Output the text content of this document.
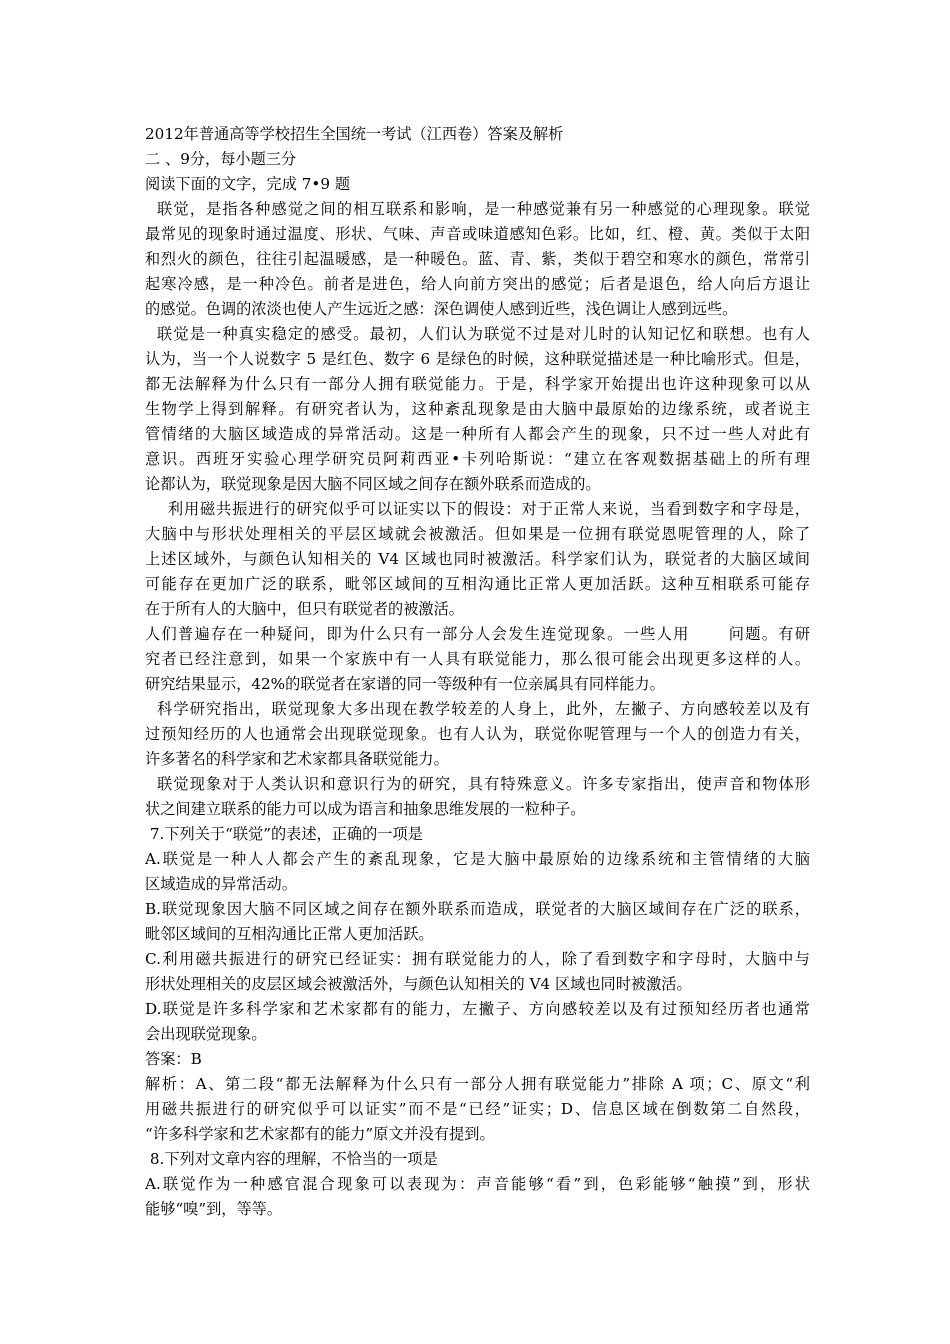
2012年普通高等学校招生全国统一考试（江西卷）答案及解析
二 、9分，每小题三分
阅读下面的文字，完成 7•9 题
联觉，是指各种感觉之间的相互联系和影响，是一种感觉兼有另一种感觉的心理现象。联觉
最常见的现象时通过温度、形状、气味、声音或味道感知色彩。比如，红、橙、黄。类似于太阳
和烈火的颜色，往往引起温暖感，是一种暖色。蓝、青、紫，类似于碧空和寒水的颜色，常常引
起寒冷感，是一种冷色。前者是进色，给人向前方突出的感觉；后者是退色，给人向后方退让
的感觉。色调的浓淡也使人产生远近之感：深色调使人感到近些，浅色调让人感到远些。
联觉是一种真实稳定的感受。最初，人们认为联觉不过是对儿时的认知记忆和联想。也有人
认为，当一个人说数字 5 是红色、数字 6 是绿色的时候，这种联觉描述是一种比喻形式。但是，
都无法解释为什么只有一部分人拥有联觉能力。于是，科学家开始提出也许这种现象可以从
生物学上得到解释。有研究者认为，这种紊乱现象是由大脑中最原始的边缘系统，或者说主
管情绪的大脑区域造成的异常活动。这是一种所有人都会产生的现象，只不过一些人对此有
意识。西班牙实验心理学研究员阿莉西亚•卡列哈斯说：“建立在客观数据基础上的所有理
论都认为，联觉现象是因大脑不同区域之间存在额外联系而造成的。
利用磁共振进行的研究似乎可以证实以下的假设：对于正常人来说，当看到数字和字母是，
大脑中与形状处理相关的平层区域就会被激活。但如果是一位拥有联觉恩呢管理的人，除了
上述区域外，与颜色认知相关的 V4 区域也同时被激活。科学家们认为，联觉者的大脑区域间
可能存在更加广泛的联系，毗邻区域间的互相沟通比正常人更加活跃。这种互相联系可能存
在于所有人的大脑中，但只有联觉者的被激活。
人们普遍存在一种疑问，即为什么只有一部分人会发生连觉现象。一些人用　　 问题。有研
究者已经注意到，如果一个家族中有一人具有联觉能力，那么很可能会出现更多这样的人。
研究结果显示，42%的联觉者在家谱的同一等级种有一位亲属具有同样能力。
科学研究指出，联觉现象大多出现在教学较差的人身上，此外，左撇子、方向感较差以及有
过预知经历的人也通常会出现联觉现象。也有人认为，联觉你呢管理与一个人的创造力有关，
许多著名的科学家和艺术家都具备联觉能力。
联觉现象对于人类认识和意识行为的研究，具有特殊意义。许多专家指出，使声音和物体形
状之间建立联系的能力可以成为语言和抽象思维发展的一粒种子。
7.下列关于“联觉”的表述，正确的一项是
A.联觉是一种人人都会产生的紊乱现象，它是大脑中最原始的边缘系统和主管情绪的大脑
区域造成的异常活动。
B.联觉现象因大脑不同区域之间存在额外联系而造成，联觉者的大脑区域间存在广泛的联系，
毗邻区域间的互相沟通比正常人更加活跃。
C.利用磁共振进行的研究已经证实：拥有联觉能力的人，除了看到数字和字母时，大脑中与
形状处理相关的皮层区域会被激活外，与颜色认知相关的 V4 区域也同时被激活。
D.联觉是许多科学家和艺术家都有的能力，左撇子、方向感较差以及有过预知经历者也通常
会出现联觉现象。
答案：B
解析：A、第二段“都无法解释为什么只有一部分人拥有联觉能力”排除 A 项；C、原文“利
用磁共振进行的研究似乎可以证实”而不是“已经”证实；D、信息区域在倒数第二自然段，
“许多科学家和艺术家都有的能力”原文并没有提到。
8.下列对文章内容的理解，不恰当的一项是
A.联觉作为一种感官混合现象可以表现为：声音能够“看”到，色彩能够“触摸”到，形状
能够“嗅”到，等等。
